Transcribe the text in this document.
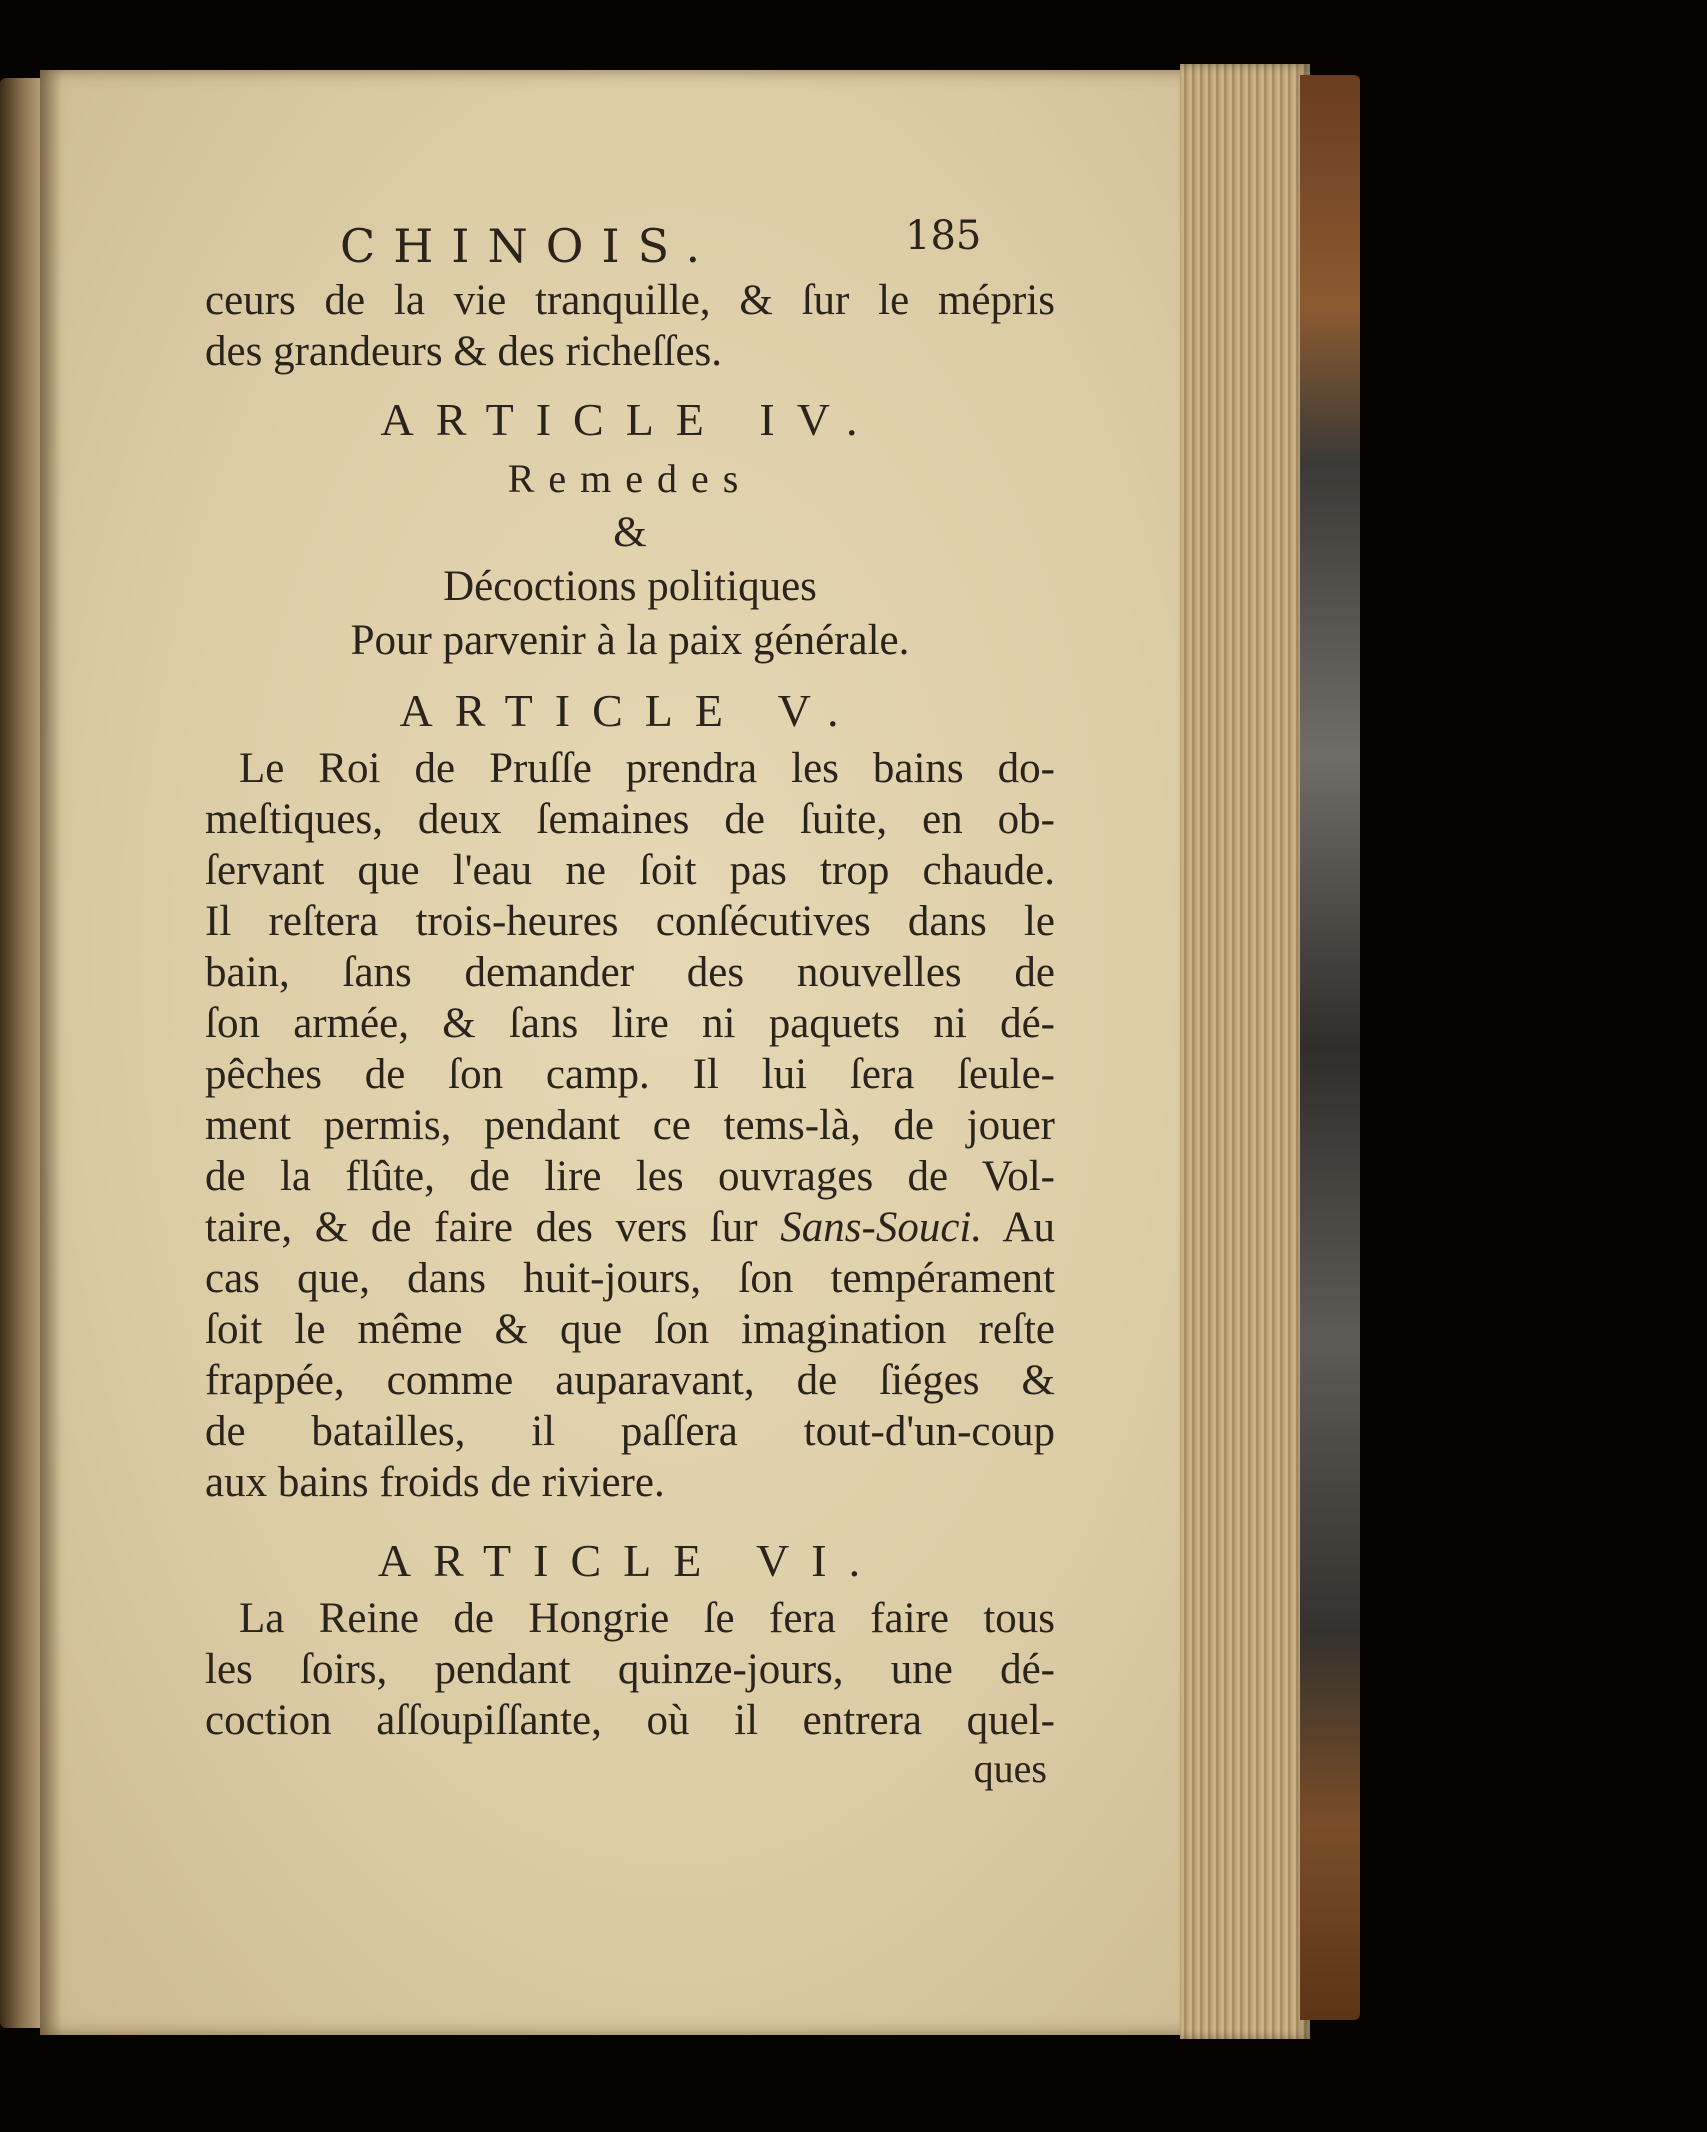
CHINOIS.	185

ceurs de la vie tranquille, & ſur le mépris
des grandeurs & des richeſſes.

ARTICLE IV.
Remedes
&
Décoctions politiques
Pour parvenir à la paix générale.
ARTICLE V.

Le Roi de Pruſſe prendra les bains do-
meſtiques, deux ſemaines de ſuite, en ob-
ſervant que l'eau ne ſoit pas trop chaude.
Il reſtera trois-heures conſécutives dans le
bain, ſans demander des nouvelles de
ſon armée, & ſans lire ni paquets ni dé-
pêches de ſon camp. Il lui ſera ſeule-
ment permis, pendant ce tems-là, de jouer
de la flûte, de lire les ouvrages de Vol-
taire, & de faire des vers ſur Sans-Souci. Au
cas que, dans huit-jours, ſon tempérament
ſoit le même & que ſon imagination reſte
frappée, comme auparavant, de ſiéges &
de batailles, il paſſera tout-d'un-coup
aux bains froids de riviere.

ARTICLE VI.

La Reine de Hongrie ſe fera faire tous
les ſoirs, pendant quinze-jours, une dé-
coction aſſoupiſſante, où il entrera quel-

ques
